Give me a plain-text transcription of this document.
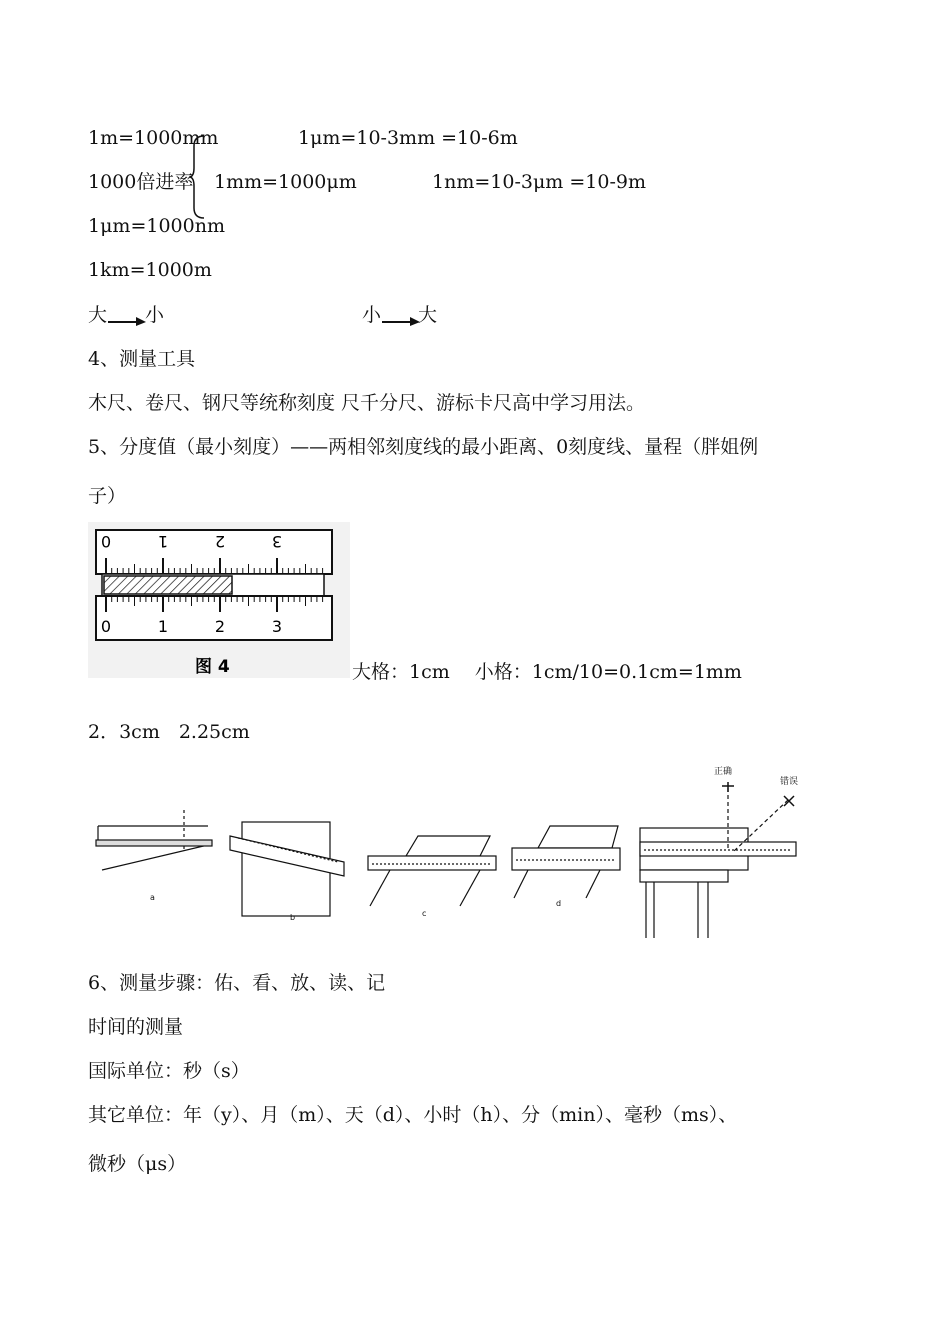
1m=1000mm	1μm=10-3mm =10-6m
1000倍进率 1mm=1000μm	1nm=10-3μm =10-9m
1μm=1000nm
1km=1000m
大 小	小 大
4、测量工具
木尺、卷尺、钢尺等统称刻度 尺千分尺、游标卡尺高中学习用法。
5、分度值（最小刻度）——两相邻刻度线的最小距离、0刻度线、量程（胖姐例
子）
0	1	2	3
0	1	2	3
图 4	大格：1cm　 小格：1cm/10=0.1cm=1mm
2．3cm　2.25cm
a
b	c
d
正确
错误
6、测量步骤：佑、看、放、读、记
时间的测量
国际单位：秒（s）
其它单位：年（y）、月（m）、天（d）、小时（h）、分（min）、毫秒（ms）、
微秒（μs）
